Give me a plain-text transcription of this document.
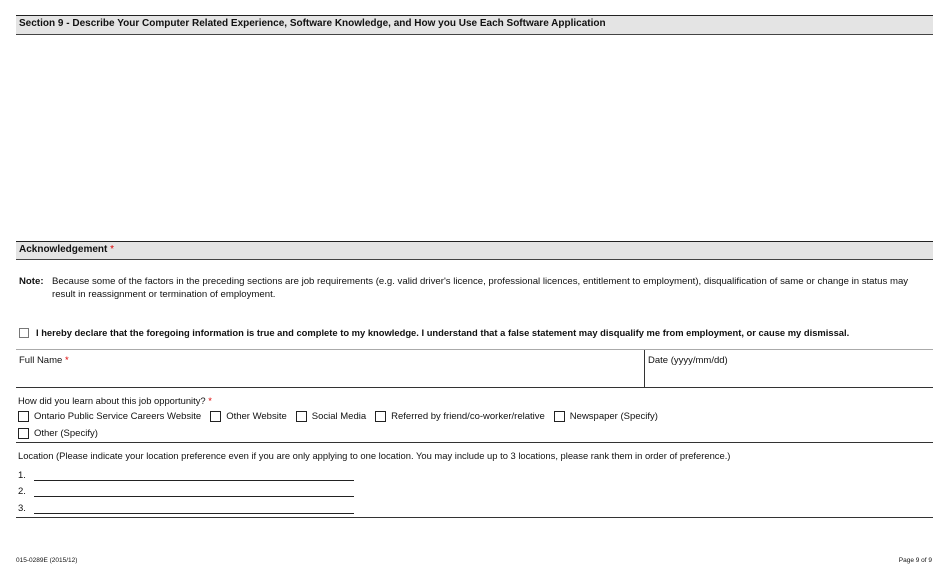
Section 9 - Describe Your Computer Related Experience, Software Knowledge, and How you Use Each Software Application
Acknowledgement *
Note: Because some of the factors in the preceding sections are job requirements (e.g. valid driver's licence, professional licences, entitlement to employment), disqualification of same or change in status may result in reassignment or termination of employment.
I hereby declare that the foregoing information is true and complete to my knowledge. I understand that a false statement may disqualify me from employment, or cause my dismissal.
Full Name *	Date (yyyy/mm/dd)
How did you learn about this job opportunity? *
Ontario Public Service Careers Website	Other Website	Social Media	Referred by friend/co-worker/relative	Newspaper (Specify)
Other (Specify)
Location (Please indicate your location preference even if you are only applying to one location. You may include up to 3 locations, please rank them in order of preference.)
1.
2.
3.
015-0289E (2015/12)	Page 9 of 9
